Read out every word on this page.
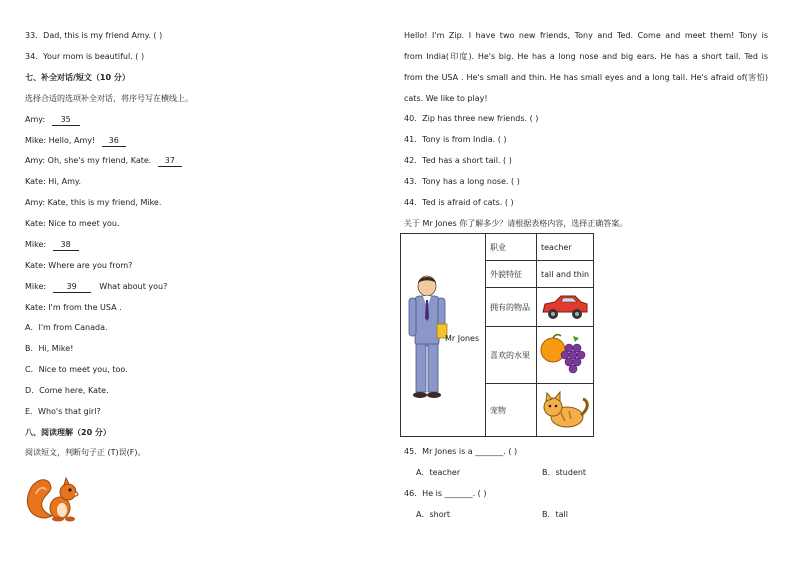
33．Dad, this is my friend Amy. ( )
34．Your mom is beautiful. ( )
七、补全对话/短文（10 分）
选择合适的选项补全对话，将序号写在横线上。
Amy: 35
Mike: Hello, Amy! 36
Amy: Oh, she's my friend, Kate. 37
Kate: Hi, Amy.
Amy: Kate, this is my friend, Mike.
Kate: Nice to meet you.
Mike: 38
Kate: Where are you from?
Mike:	39	What about you?
Kate: I'm from the USA .
A．I'm from Canada.
B．Hi, Mike!
C．Nice to meet you, too.
D．Come here, Kate.
E．Who's that girl?
八、阅读理解（20 分）
阅读短文，判断句子正 (T)误(F)。
Hello! I'm Zip. I have two new friends, Tony and Ted. Come and meet them! Tony is
from India(印度). He's big. He has a long nose and big ears. He has a short tail. Ted is
from the USA . He's small and thin. He has small eyes and a long tail. He's afraid of(害怕)
cats. We like to play!
40．Zip has three new friends. ( )
41．Tony is from India. ( )
42．Ted has a short tail. ( )
43．Tony has a long nose. ( )
44．Ted is afraid of cats. ( )
关于 Mr Jones 你了解多少？请根据表格内容，选择正确答案。
Mr Jones	职业	teacher
	外貌特征	tall and thin
	拥有的物品	
	喜欢的水果	
	宠物	
45．Mr Jones is a _______. ( )
A．teacher	B．student
46．He is _______. ( )
A．short	B．tall
